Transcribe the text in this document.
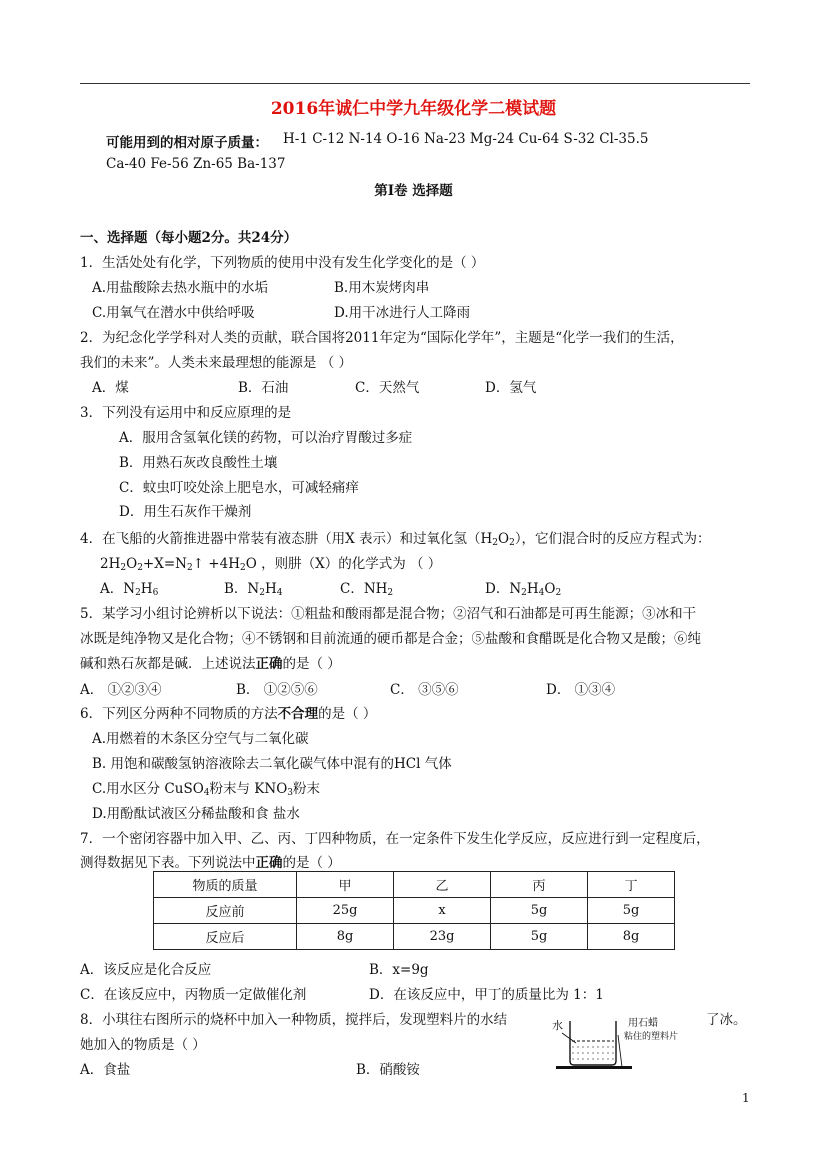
2016年诚仁中学九年级化学二模试题
可能用到的相对原子质量： H-1 C-12 N-14 O-16 Na-23 Mg-24 Cu-64 S-32 Cl-35.5
Ca-40 Fe-56 Zn-65 Ba-137
第Ⅰ卷 选择题
一、选择题（每小题2分。共24分）
1．生活处处有化学，下列物质的使用中没有发生化学变化的是（ ）
A.用盐酸除去热水瓶中的水垢	B.用木炭烤肉串
C.用氧气在潜水中供给呼吸	D.用干冰进行人工降雨
2．为纪念化学学科对人类的贡献，联合国将2011年定为“国际化学年”，主题是“化学一我们的生活，
我们的未来”。人类未来最理想的能源是 （ ）
A．煤	B．石油	C．天然气	D．氢气
3．下列没有运用中和反应原理的是
A．服用含氢氧化镁的药物，可以治疗胃酸过多症
B．用熟石灰改良酸性土壤
C．蚊虫叮咬处涂上肥皂水，可减轻痛痒
D．用生石灰作干燥剂
4．在飞船的火箭推进器中常装有液态肼（用X 表示）和过氧化氢$(H_2O_2)$，它们混合时的反应方程式为：
$2H_2O_2+X=N_2↑ +4H_2O$ ，则肼（X）的化学式为 （ ）
A．$N_2H_6$	B．$N_2H_4$	C．$NH_2$	D．$N_2H_4O_2$
5．某学习小组讨论辨析以下说法：①粗盐和酸雨都是混合物；②沼气和石油都是可再生能源；③冰和干
冰既是纯净物又是化合物；④不锈钢和目前流通的硬币都是合金；⑤盐酸和食醋既是化合物又是酸；⑥纯
碱和熟石灰都是碱．上述说法正确的是（ ）
A． ①②③④	B． ①②⑤⑥	C． ③⑤⑥	D． ①③④
6．下列区分两种不同物质的方法不合理的是（ ）
A.用燃着的木条区分空气与二氧化碳
B. 用饱和碳酸氢钠溶液除去二氧化碳气体中混有的HCl 气体
C.用水区分 CuSO$_4$粉末与 $KNO_3$粉末
D.用酚酞试液区分稀盐酸和食 盐水
7．一个密闭容器中加入甲、乙、丙、丁四种物质，在一定条件下发生化学反应，反应进行到一定程度后，
测得数据见下表。下列说法中正确的是（ ）
物质的质量	甲	乙	丙	丁
反应前	25g	x	5g	5g
反应后	8g	23g	5g	8g
A．该反应是化合反应	B．x=9g
C．在该反应中，丙物质一定做催化剂	D．在该反应中，甲丁的质量比为 1：1
8．小琪往右图所示的烧杯中加入一种物质，搅拌后，发现塑料片的水结	了冰。
她加入的物质是（ ）
A．食盐	B．硝酸铵
水	用石蜡
粘住的塑料片
1
